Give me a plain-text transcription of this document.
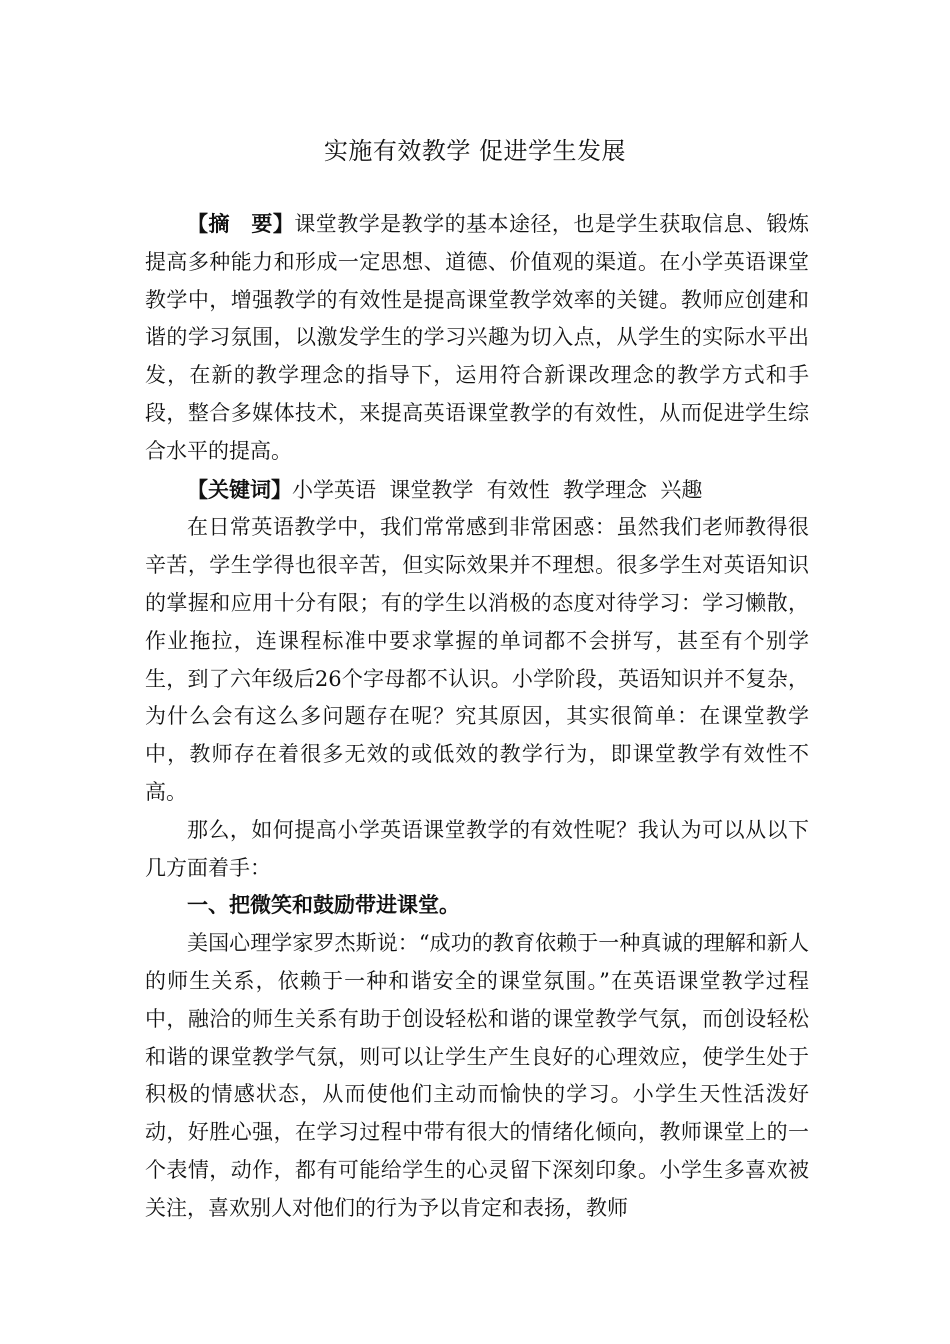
实施有效教学 促进学生发展

【摘　要】课堂教学是教学的基本途径，也是学生获取信息、锻炼提高多种能力和形成一定思想、道德、价值观的渠道。在小学英语课堂教学中，增强教学的有效性是提高课堂教学效率的关键。教师应创建和谐的学习氛围，以激发学生的学习兴趣为切入点，从学生的实际水平出发，在新的教学理念的指导下，运用符合新课改理念的教学方式和手段，整合多媒体技术，来提高英语课堂教学的有效性，从而促进学生综合水平的提高。

【关键词】小学英语  课堂教学  有效性  教学理念  兴趣

在日常英语教学中，我们常常感到非常困惑：虽然我们老师教得很辛苦，学生学得也很辛苦，但实际效果并不理想。很多学生对英语知识的掌握和应用十分有限；有的学生以消极的态度对待学习：学习懒散，作业拖拉，连课程标准中要求掌握的单词都不会拼写，甚至有个别学生，到了六年级后26个字母都不认识。小学阶段，英语知识并不复杂，为什么会有这么多问题存在呢？究其原因，其实很简单：在课堂教学中，教师存在着很多无效的或低效的教学行为，即课堂教学有效性不高。

那么，如何提高小学英语课堂教学的有效性呢？我认为可以从以下几方面着手：

一、把微笑和鼓励带进课堂。

美国心理学家罗杰斯说：“成功的教育依赖于一种真诚的理解和新人的师生关系，依赖于一种和谐安全的课堂氛围。”在英语课堂教学过程中，融洽的师生关系有助于创设轻松和谐的课堂教学气氛，而创设轻松和谐的课堂教学气氛，则可以让学生产生良好的心理效应，使学生处于积极的情感状态，从而使他们主动而愉快的学习。小学生天性活泼好动，好胜心强，在学习过程中带有很大的情绪化倾向，教师课堂上的一个表情，动作，都有可能给学生的心灵留下深刻印象。小学生多喜欢被关注，喜欢别人对他们的行为予以肯定和表扬，教师
